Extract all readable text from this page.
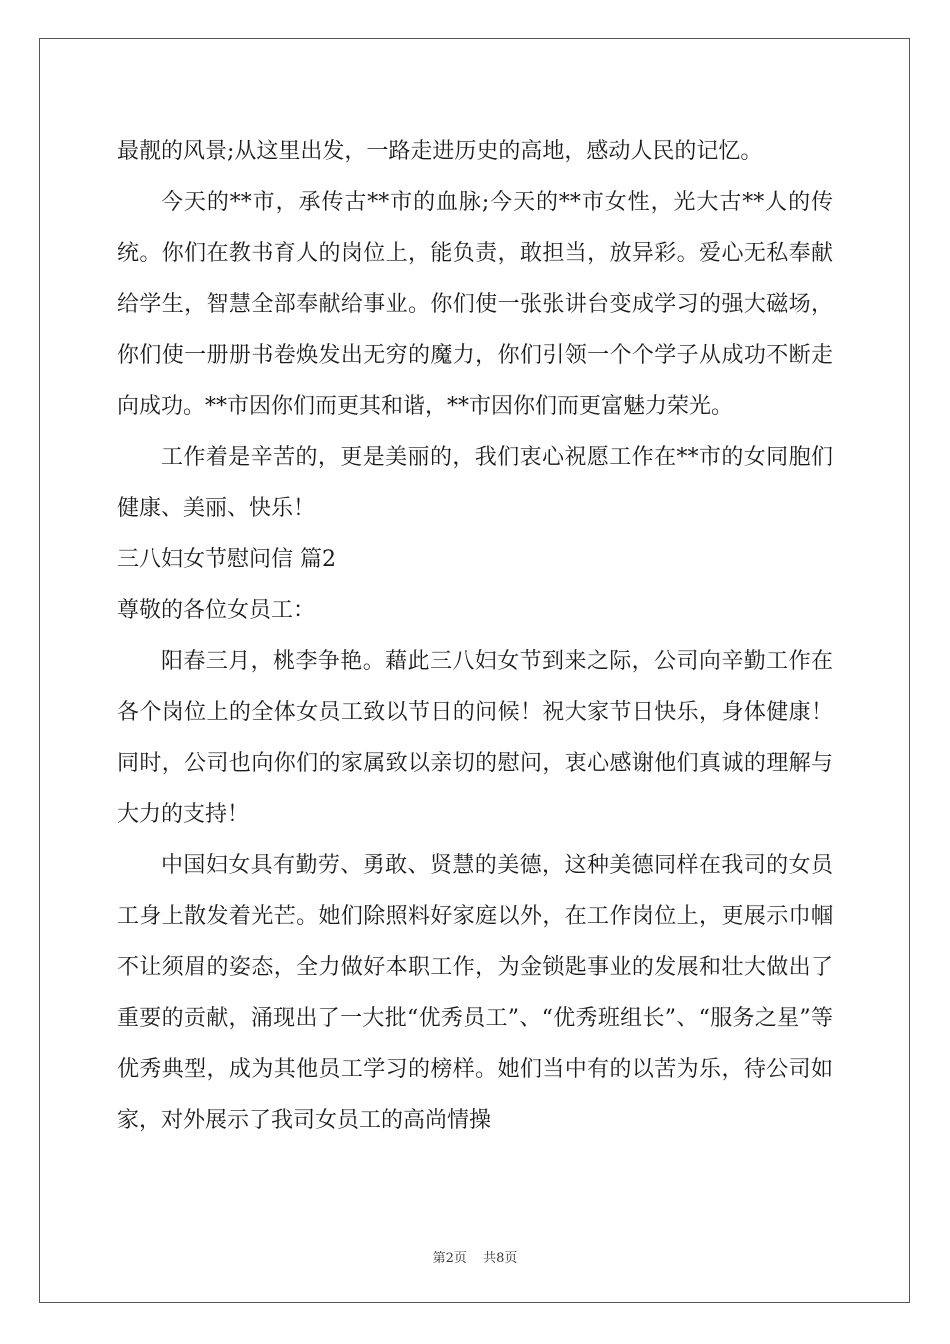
最靓的风景;从这里出发，一路走进历史的高地，感动人民的记忆。

今天的**市，承传古**市的血脉;今天的**市女性，光大古**人的传统。你们在教书育人的岗位上，能负责，敢担当，放异彩。爱心无私奉献给学生，智慧全部奉献给事业。你们使一张张讲台变成学习的强大磁场，你们使一册册书卷焕发出无穷的魔力，你们引领一个个学子从成功不断走向成功。**市因你们而更其和谐，**市因你们而更富魅力荣光。

工作着是辛苦的，更是美丽的，我们衷心祝愿工作在**市的女同胞们健康、美丽、快乐！

三八妇女节慰问信 篇2

尊敬的各位女员工：

阳春三月，桃李争艳。藉此三八妇女节到来之际，公司向辛勤工作在各个岗位上的全体女员工致以节日的问候！祝大家节日快乐，身体健康！同时，公司也向你们的家属致以亲切的慰问，衷心感谢他们真诚的理解与大力的支持！

中国妇女具有勤劳、勇敢、贤慧的美德，这种美德同样在我司的女员工身上散发着光芒。她们除照料好家庭以外，在工作岗位上，更展示巾帼不让须眉的姿态，全力做好本职工作，为金锁匙事业的发展和壮大做出了重要的贡献，涌现出了一大批“优秀员工”、“优秀班组长”、“服务之星”等优秀典型，成为其他员工学习的榜样。她们当中有的以苦为乐，待公司如家，对外展示了我司女员工的高尚情操

第2页 共8页
